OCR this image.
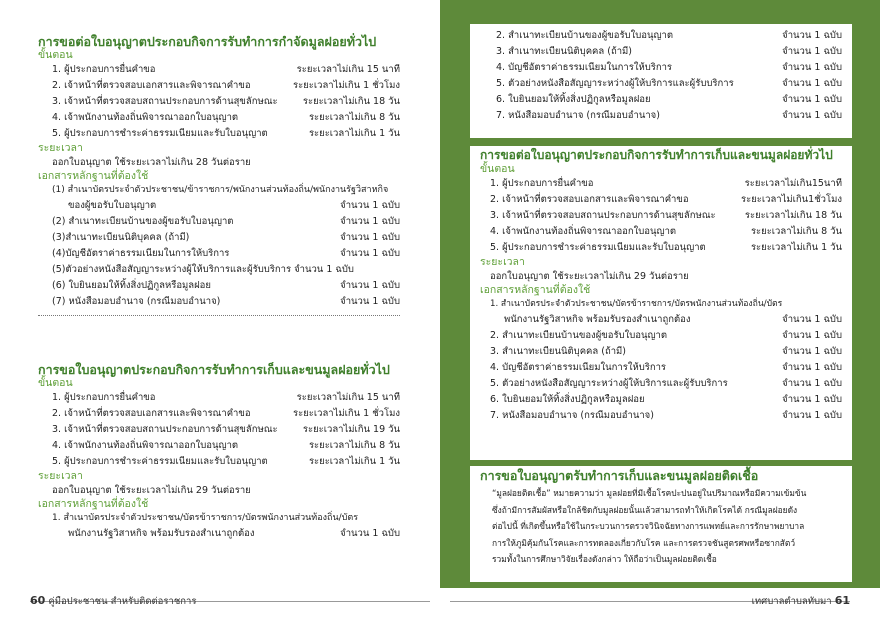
การขอต่อใบอนุญาตประกอบกิจการรับทำการกำจัดมูลฝอยทั่วไป
ขั้นตอน
1. ผู้ประกอบการยื่นคำขอ	ระยะเวลาไม่เกิน 15 นาที
2. เจ้าหน้าที่ตรวจสอบเอกสารและพิจารณาคำขอ	ระยะเวลาไม่เกิน 1 ชั่วโมง
3. เจ้าหน้าที่ตรวจสอบสถานประกอบการด้านสุขลักษณะ	ระยะเวลาไม่เกิน 18 วัน
4. เจ้าพนักงานท้องถิ่นพิจารณาออกใบอนุญาต	ระยะเวลาไม่เกิน 8 วัน
5. ผู้ประกอบการชำระค่าธรรมเนียมและรับใบอนุญาต	ระยะเวลาไม่เกิน 1 วัน
ระยะเวลา
ออกใบอนุญาต ใช้ระยะเวลาไม่เกิน 28 วันต่อราย
เอกสารหลักฐานที่ต้องใช้
(1) สำเนาบัตรประจำตัวประชาชน/ข้าราชการ/พนักงานส่วนท้องถิ่น/พนักงานรัฐวิสาหกิจ
ของผู้ขอรับใบอนุญาต	จำนวน 1 ฉบับ
(2) สำเนาทะเบียนบ้านของผู้ขอรับใบอนุญาต	จำนวน 1 ฉบับ
(3)สำเนาทะเบียนนิติบุคคล (ถ้ามี)	จำนวน 1 ฉบับ
(4)บัญชีอัตราค่าธรรมเนียมในการให้บริการ	จำนวน 1 ฉบับ
(5)ตัวอย่างหนังสือสัญญาระหว่างผู้ให้บริการและผู้รับบริการ จำนวน 1 ฉบับ
(6) ใบยินยอมให้ทิ้งสิ่งปฏิกูลหรือมูลฝอย	จำนวน 1 ฉบับ
(7) หนังสือมอบอำนาจ (กรณีมอบอำนาจ)	จำนวน 1 ฉบับ
การขอใบอนุญาตประกอบกิจการรับทำการเก็บและขนมูลฝอยทั่วไป
ขั้นตอน
1. ผู้ประกอบการยื่นคำขอ	ระยะเวลาไม่เกิน 15 นาที
2. เจ้าหน้าที่ตรวจสอบเอกสารและพิจารณาคำขอ	ระยะเวลาไม่เกิน 1 ชั่วโมง
3. เจ้าหน้าที่ตรวจสอบสถานประกอบการด้านสุขลักษณะ	ระยะเวลาไม่เกิน 19 วัน
4. เจ้าพนักงานท้องถิ่นพิจารณาออกใบอนุญาต	ระยะเวลาไม่เกิน 8 วัน
5. ผู้ประกอบการชำระค่าธรรมเนียมและรับใบอนุญาต	ระยะเวลาไม่เกิน 1 วัน
ระยะเวลา
ออกใบอนุญาต ใช้ระยะเวลาไม่เกิน 29 วันต่อราย
เอกสารหลักฐานที่ต้องใช้
1. สำเนาบัตรประจำตัวประชาชน/บัตรข้าราชการ/บัตรพนักงานส่วนท้องถิ่น/บัตร
พนักงานรัฐวิสาหกิจ พร้อมรับรองสำเนาถูกต้อง	จำนวน 1 ฉบับ
60 คู่มือประชาชน สำหรับติดต่อราชการ
2. สำเนาทะเบียนบ้านของผู้ขอรับใบอนุญาต	จำนวน 1 ฉบับ
3. สำเนาทะเบียนนิติบุคคล (ถ้ามี)	จำนวน 1 ฉบับ
4. บัญชีอัตราค่าธรรมเนียมในการให้บริการ	จำนวน 1 ฉบับ
5. ตัวอย่างหนังสือสัญญาระหว่างผู้ให้บริการและผู้รับบริการ	จำนวน 1 ฉบับ
6. ใบยินยอมให้ทิ้งสิ่งปฏิกูลหรือมูลฝอย	จำนวน 1 ฉบับ
7. หนังสือมอบอำนาจ (กรณีมอบอำนาจ)	จำนวน 1 ฉบับ
การขอต่อใบอนุญาตประกอบกิจการรับทำการเก็บและขนมูลฝอยทั่วไป
ขั้นตอน
1. ผู้ประกอบการยื่นคำขอ	ระยะเวลาไม่เกิน15นาที
2. เจ้าหน้าที่ตรวจสอบเอกสารและพิจารณาคำขอ	ระยะเวลาไม่เกิน1ชั่วโมง
3. เจ้าหน้าที่ตรวจสอบสถานประกอบการด้านสุขลักษณะ	ระยะเวลาไม่เกิน 18 วัน
4. เจ้าพนักงานท้องถิ่นพิจารณาออกใบอนุญาต	ระยะเวลาไม่เกิน 8 วัน
5. ผู้ประกอบการชำระค่าธรรมเนียมและรับใบอนุญาต	ระยะเวลาไม่เกิน 1 วัน
ระยะเวลา
ออกใบอนุญาต ใช้ระยะเวลาไม่เกิน 29 วันต่อราย
เอกสารหลักฐานที่ต้องใช้
1. สำเนาบัตรประจำตัวประชาชน/บัตรข้าราชการ/บัตรพนักงานส่วนท้องถิ่น/บัตร
พนักงานรัฐวิสาหกิจ พร้อมรับรองสำเนาถูกต้อง	จำนวน 1 ฉบับ
2. สำเนาทะเบียนบ้านของผู้ขอรับใบอนุญาต	จำนวน 1 ฉบับ
3. สำเนาทะเบียนนิติบุคคล (ถ้ามี)	จำนวน 1 ฉบับ
4. บัญชีอัตราค่าธรรมเนียมในการให้บริการ	จำนวน 1 ฉบับ
5. ตัวอย่างหนังสือสัญญาระหว่างผู้ให้บริการและผู้รับบริการ	จำนวน 1 ฉบับ
6. ใบยินยอมให้ทิ้งสิ่งปฏิกูลหรือมูลฝอย	จำนวน 1 ฉบับ
7. หนังสือมอบอำนาจ (กรณีมอบอำนาจ)	จำนวน 1 ฉบับ
การขอใบอนุญาตรับทำการเก็บและขนมูลฝอยติดเชื้อ
“มูลฝอยติดเชื้อ” หมายความว่า มูลฝอยที่มีเชื้อโรคปะปนอยู่ในปริมาณหรือมีความเข้มข้น
ซึ่งถ้ามีการสัมผัสหรือใกล้ชิดกับมูลฝอยนั้นแล้วสามารถทำให้เกิดโรคได้ กรณีมูลฝอยดัง
ต่อไปนี้ ที่เกิดขึ้นหรือใช้ในกระบวนการตรวจวินิจฉัยทางการแพทย์และการรักษาพยาบาล
การให้ภูมิคุ้มกันโรคและการทดลองเกี่ยวกับโรค และการตรวจชันสูตรศพหรือซากสัตว์
รวมทั้งในการศึกษาวิจัยเรื่องดังกล่าว ให้ถือว่าเป็นมูลฝอยติดเชื้อ
เทศบาลตำบลทับมา 61
